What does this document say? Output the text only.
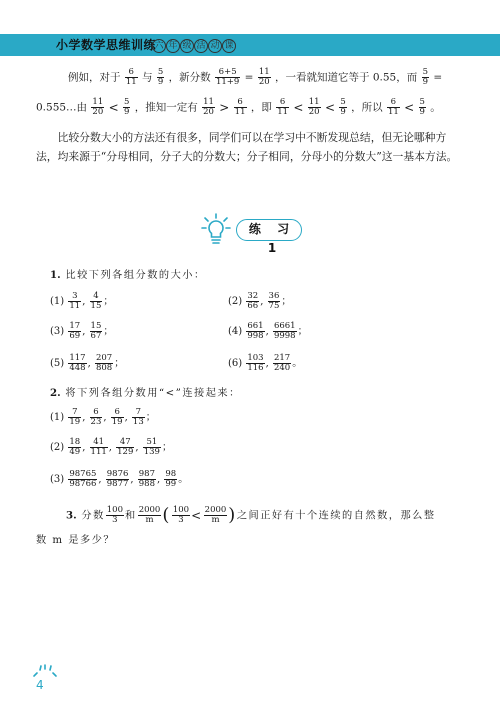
小学数学思维训练
六 年 级 活 动 课
例如，对于 $\frac{6}{11}$ 与 $\frac{5}{9}$ ，新分数 $\frac{6+5}{11+9} = \frac{11}{20}$ ，一看就知道它等于 0.55，而 $\frac{5}{9}$ =
0.555…由 $\frac{11}{20} < \frac{5}{9}$ ，推知一定有 $\frac{11}{20} > \frac{6}{11}$ ，即 $\frac{6}{11} < \frac{11}{20} < \frac{5}{9}$ ，所以 $\frac{6}{11} < \frac{5}{9}$ 。
比较分数大小的方法还有很多，同学们可以在学习中不断发现总结，但无论哪种方法，均来源于“分母相同，分子大的分数大；分子相同，分母小的分数大”这一基本方法。
练 习 1
1. 比较下列各组分数的大小：
$(1) \frac{3}{11}$ , $\frac{4}{15}$ ；	$(2) \frac{32}{66}$ , $\frac{36}{75}$ ；
$(3) \frac{17}{69}$ , $\frac{15}{67}$ ；	$(4) \frac{661}{998}$ , $\frac{6661}{9998}$ ；
$(5) \frac{117}{448}$ , $\frac{207}{808}$ ；	$(6) \frac{103}{116}$ , $\frac{217}{240}$ 。
2. 将下列各组分数用“<”连接起来：
$(1) \frac{7}{19}$ , $\frac{6}{23}$ , $\frac{6}{19}$ , $\frac{7}{13}$ ；
$(2) \frac{18}{49}$ , $\frac{41}{111}$ , $\frac{47}{129}$ , $\frac{51}{139}$ ；
$(3) \frac{98765}{98766}$ , $\frac{9876}{9877}$ , $\frac{987}{988}$ , $\frac{98}{99}$ 。
3. 分数 $\frac{100}{3}$ 和 $\frac{2000}{m}$ ( $\frac{100}{3} < \frac{2000}{m}$ )之间正好有十个连续的自然数，那么整
数 m 是多少？
4
